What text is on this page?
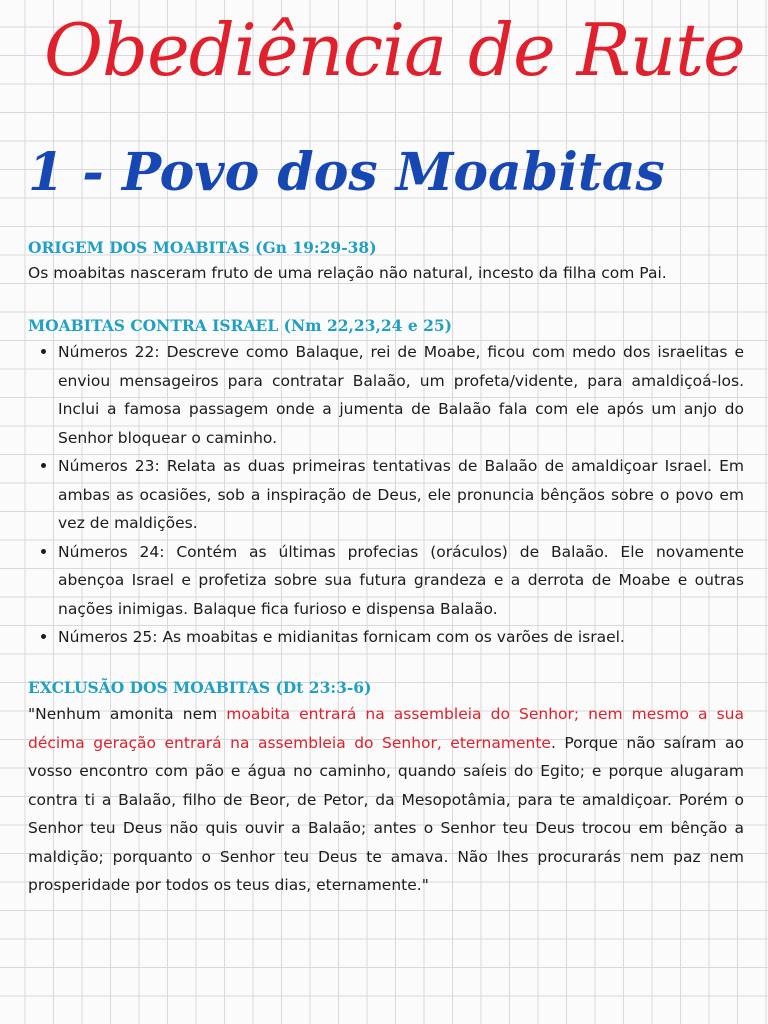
Obediência de Rute
1 - Povo dos Moabitas
ORIGEM DOS MOABITAS (Gn 19:29-38)
Os moabitas nasceram fruto de uma relação não natural, incesto da filha com Pai.
MOABITAS CONTRA ISRAEL (Nm 22,23,24 e 25)
• Números 22: Descreve como Balaque, rei de Moabe, ficou com medo dos israelitas e enviou mensageiros para contratar Balaão, um profeta/vidente, para amaldiçoá-los. Inclui a famosa passagem onde a jumenta de Balaão fala com ele após um anjo do Senhor bloquear o caminho.
• Números 23: Relata as duas primeiras tentativas de Balaão de amaldiçoar Israel. Em ambas as ocasiões, sob a inspiração de Deus, ele pronuncia bênçãos sobre o povo em vez de maldições.
• Números 24: Contém as últimas profecias (oráculos) de Balaão. Ele novamente abençoa Israel e profetiza sobre sua futura grandeza e a derrota de Moabe e outras nações inimigas. Balaque fica furioso e dispensa Balaão.
• Números 25: As moabitas e midianitas fornicam com os varões de israel.
EXCLUSÃO DOS MOABITAS (Dt 23:3-6)
"Nenhum amonita nem moabita entrará na assembleia do Senhor; nem mesmo a sua décima geração entrará na assembleia do Senhor, eternamente. Porque não saíram ao vosso encontro com pão e água no caminho, quando saíeis do Egito; e porque alugaram contra ti a Balaão, filho de Beor, de Petor, da Mesopotâmia, para te amaldiçoar. Porém o Senhor teu Deus não quis ouvir a Balaão; antes o Senhor teu Deus trocou em bênção a maldição; porquanto o Senhor teu Deus te amava. Não lhes procurarás nem paz nem prosperidade por todos os teus dias, eternamente."
